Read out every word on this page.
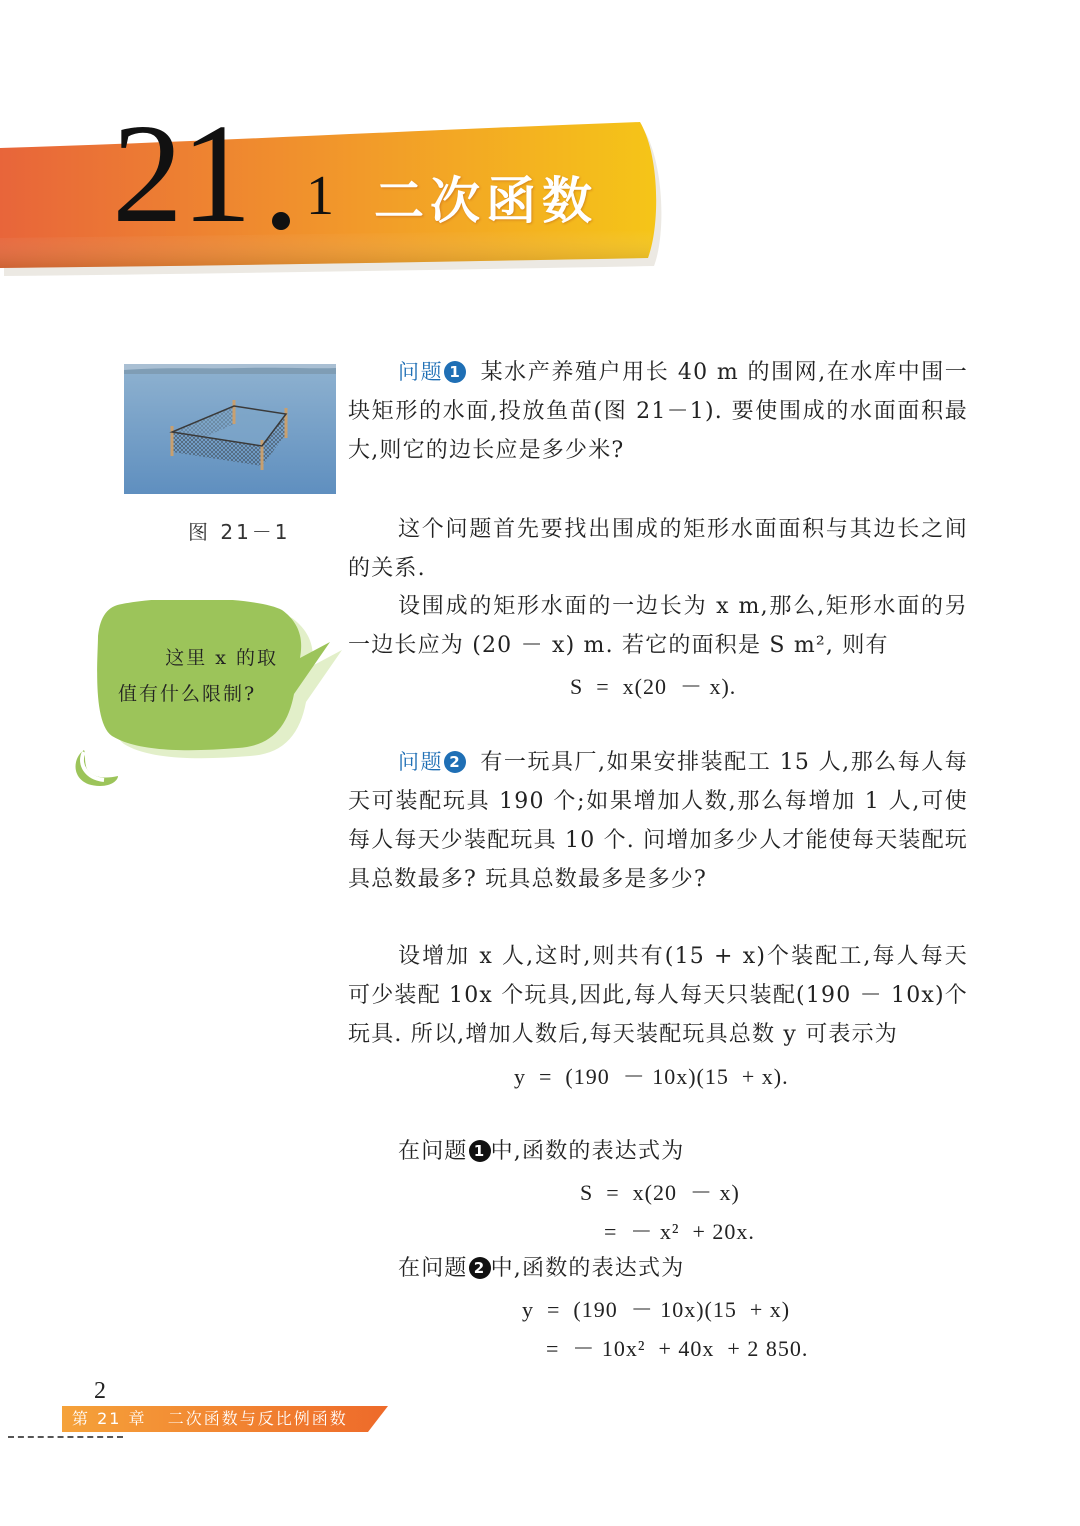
21 1 二次函数
图 21－1
这里 x 的取
值有什么限制?
问题 1 某水产养殖户用长 40 m 的围网,在水库中围一块矩形的水面,投放鱼苗(图 21－1). 要使围成的水面面积最大,则它的边长应是多少米?
这个问题首先要找出围成的矩形水面面积与其边长之间的关系.
设围成的矩形水面的一边长为 x m,那么,矩形水面的另一边长应为 (20 － x) m. 若它的面积是 S m², 则有
S  =  x(20  － x).
问题 2 有一玩具厂,如果安排装配工 15 人,那么每人每天可装配玩具 190 个;如果增加人数,那么每增加 1 人,可使每人每天少装配玩具 10 个. 问增加多少人才能使每天装配玩具总数最多? 玩具总数最多是多少?
设增加 x 人,这时,则共有(15 + x)个装配工,每人每天可少装配 10x 个玩具,因此,每人每天只装配(190 － 10x)个玩具. 所以,增加人数后,每天装配玩具总数 y 可表示为
y  =  (190  － 10x)(15  + x).
在问题 1 中,函数的表达式为
S  =  x(20  － x)
=  － x²  + 20x.
在问题 2 中,函数的表达式为
y  =  (190  － 10x)(15  + x)
=  － 10x²  + 40x  + 2 850.
2
第 21 章   二次函数与反比例函数
